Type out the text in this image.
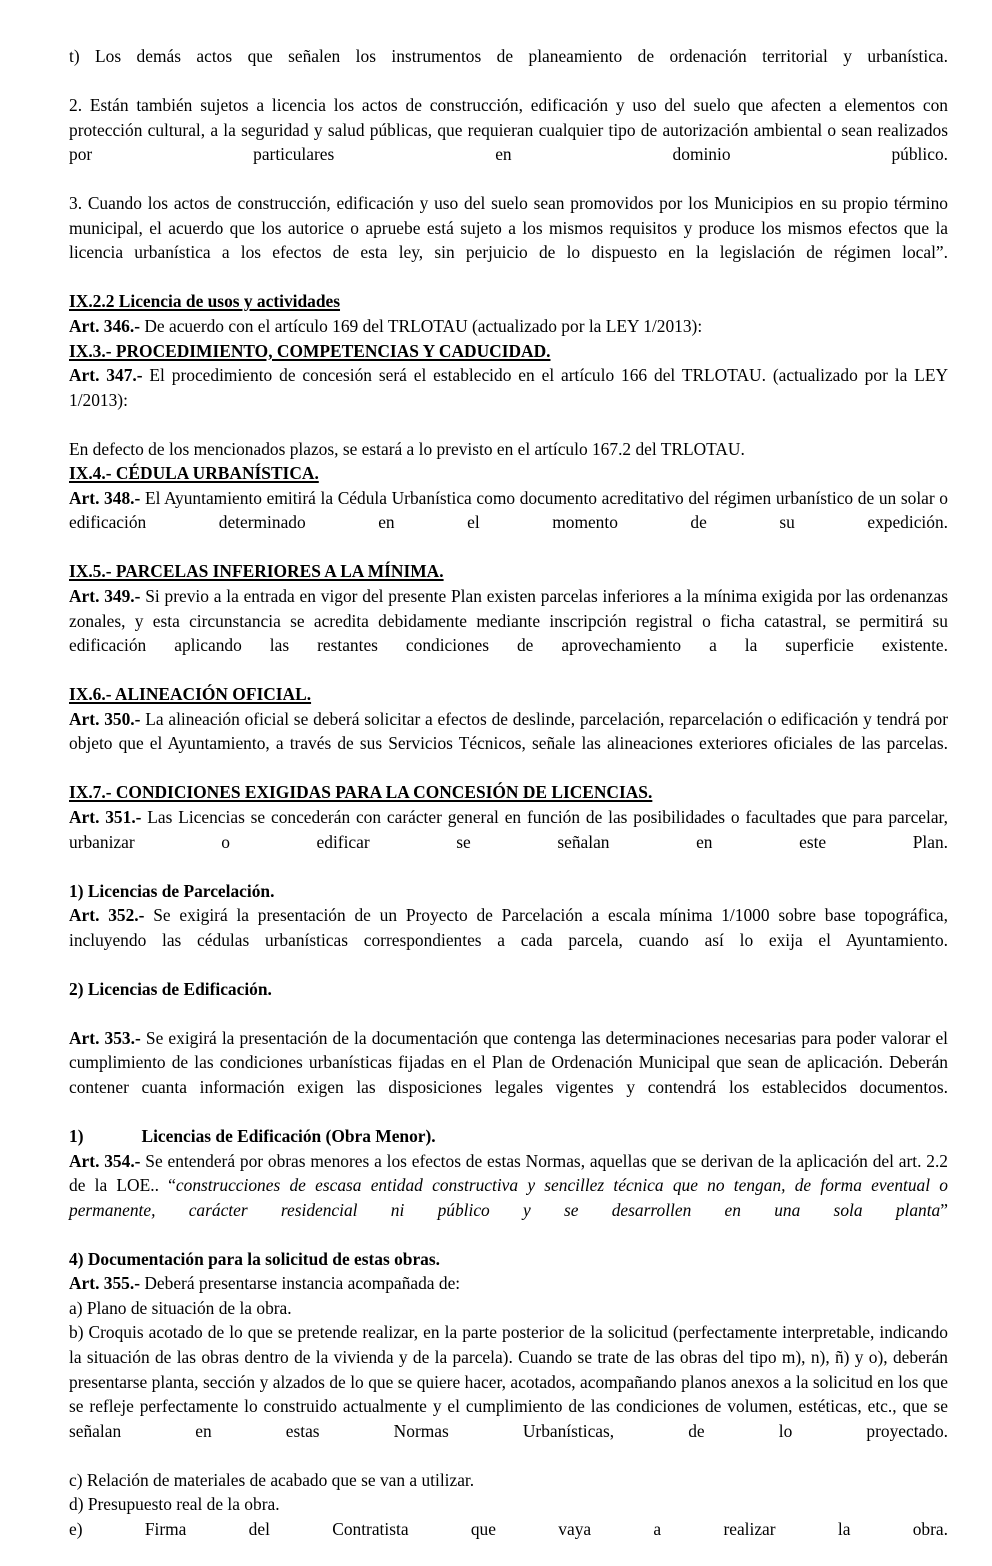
t) Los demás actos que señalen los instrumentos de planeamiento de ordenación territorial y urbanística.

2. Están también sujetos a licencia los actos de construcción, edificación y uso del suelo que afecten a elementos con protección cultural, a la seguridad y salud públicas, que requieran cualquier tipo de autorización ambiental o sean realizados por particulares en dominio público.

3. Cuando los actos de construcción, edificación y uso del suelo sean promovidos por los Municipios en su propio término municipal, el acuerdo que los autorice o apruebe está sujeto a los mismos requisitos y produce los mismos efectos que la licencia urbanística a los efectos de esta ley, sin perjuicio de lo dispuesto en la legislación de régimen local”.

IX.2.2 Licencia de usos y actividades

Art. 346.- De acuerdo con el artículo 169 del TRLOTAU (actualizado por la LEY 1/2013):

IX.3.- PROCEDIMIENTO, COMPETENCIAS Y CADUCIDAD.

Art. 347.- El procedimiento de concesión será el establecido en el artículo 166 del TRLOTAU. (actualizado por la LEY 1/2013):

En defecto de los mencionados plazos, se estará a lo previsto en el artículo 167.2 del TRLOTAU.

IX.4.- CÉDULA URBANÍSTICA.

Art. 348.- El Ayuntamiento emitirá la Cédula Urbanística como documento acreditativo del régimen urbanístico de un solar o edificación determinado en el momento de su expedición.

IX.5.- PARCELAS INFERIORES A LA MÍNIMA.

Art. 349.- Si previo a la entrada en vigor del presente Plan existen parcelas inferiores a la mínima exigida por las ordenanzas zonales, y esta circunstancia se acredita debidamente mediante inscripción registral o ficha catastral, se permitirá su edificación aplicando las restantes condiciones de aprovechamiento a la superficie existente.

IX.6.- ALINEACIÓN OFICIAL.

Art. 350.- La alineación oficial se deberá solicitar a efectos de deslinde, parcelación, reparcelación o edificación y tendrá por objeto que el Ayuntamiento, a través de sus Servicios Técnicos, señale las alineaciones exteriores oficiales de las parcelas.

IX.7.- CONDICIONES EXIGIDAS PARA LA CONCESIÓN DE LICENCIAS.

Art. 351.- Las Licencias se concederán con carácter general en función de las posibilidades o facultades que para parcelar, urbanizar o edificar se señalan en este Plan.

1) Licencias de Parcelación.

Art. 352.- Se exigirá la presentación de un Proyecto de Parcelación a escala mínima 1/1000 sobre base topográfica, incluyendo las cédulas urbanísticas correspondientes a cada parcela, cuando así lo exija el Ayuntamiento.

2) Licencias de Edificación.

Art. 353.- Se exigirá la presentación de la documentación que contenga las determinaciones necesarias para poder valorar el cumplimiento de las condiciones urbanísticas fijadas en el Plan de Ordenación Municipal que sean de aplicación. Deberán contener cuanta información exigen las disposiciones legales vigentes y contendrá los establecidos documentos.

1)	Licencias de Edificación (Obra Menor).

Art. 354.- Se entenderá por obras menores a los efectos de estas Normas, aquellas que se derivan de la aplicación del art. 2.2 de la LOE.. “construcciones de escasa entidad constructiva y sencillez técnica que no tengan, de forma eventual o permanente, carácter residencial ni público y se desarrollen en una sola planta”

4) Documentación para la solicitud de estas obras.

Art. 355.- Deberá presentarse instancia acompañada de:

a) Plano de situación de la obra.

b) Croquis acotado de lo que se pretende realizar, en la parte posterior de la solicitud (perfectamente interpretable, indicando la situación de las obras dentro de la vivienda y de la parcela). Cuando se trate de las obras del tipo m), n), ñ) y o), deberán presentarse planta, sección y alzados de lo que se quiere hacer, acotados, acompañando planos anexos a la solicitud en los que se refleje perfectamente lo construido actualmente y el cumplimiento de las condiciones de volumen, estéticas, etc., que se señalan en estas Normas Urbanísticas, de lo proyectado.

c) Relación de materiales de acabado que se van a utilizar.

d) Presupuesto real de la obra.

e) Firma del Contratista que vaya a realizar la obra.
